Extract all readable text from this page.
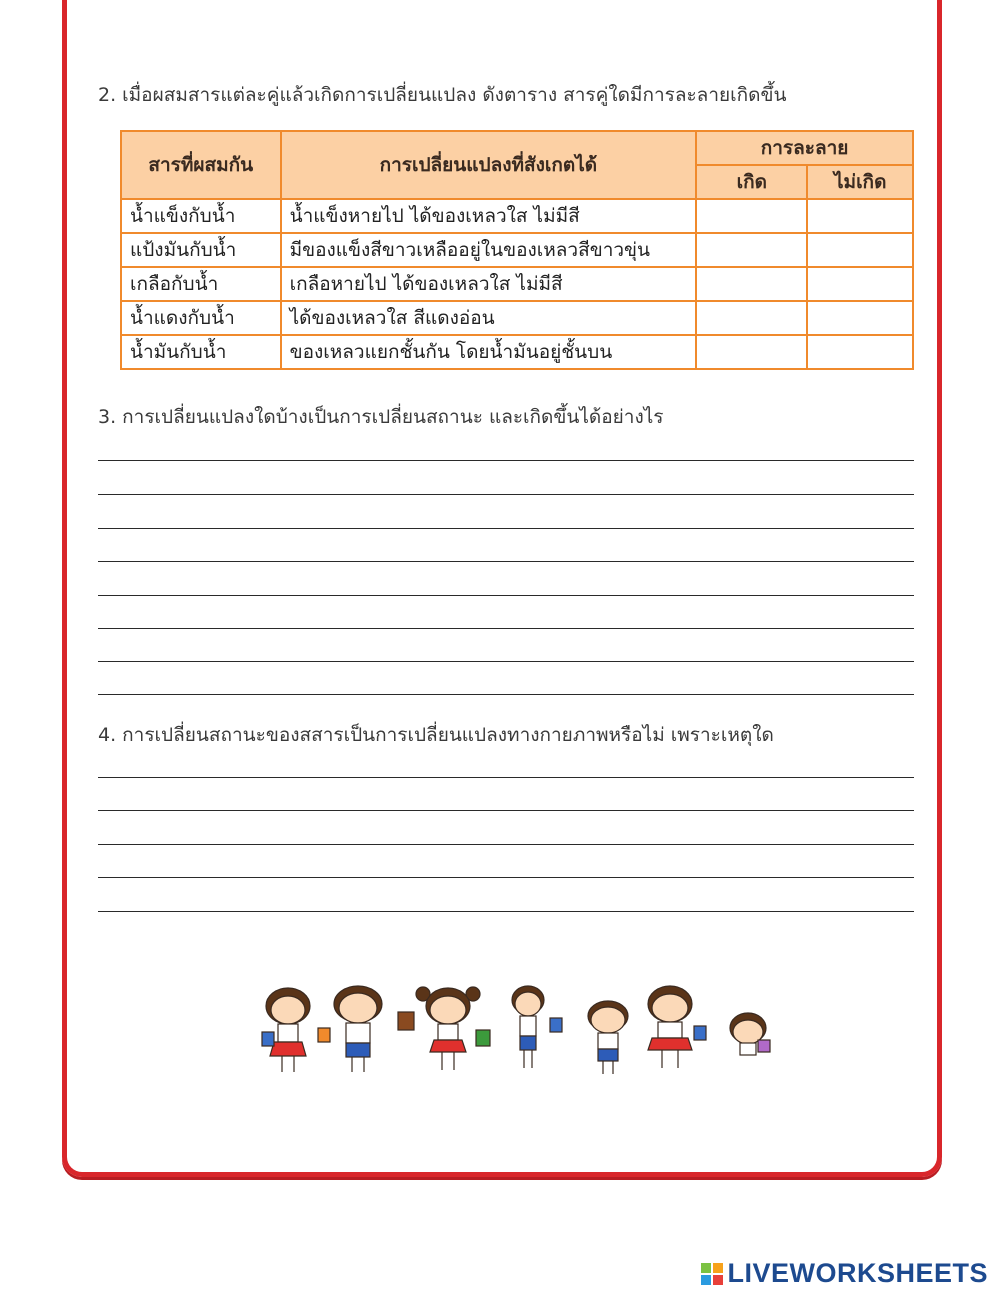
2. เมื่อผสมสารแต่ละคู่แล้วเกิดการเปลี่ยนแปลง ดังตาราง สารคู่ใดมีการละลายเกิดขึ้น
สารที่ผสมกัน	การเปลี่ยนแปลงที่สังเกตได้	การละลาย	
		เกิด	ไม่เกิด
น้ำแข็งกับน้ำ	น้ำแข็งหายไป ได้ของเหลวใส ไม่มีสี		
แป้งมันกับน้ำ	มีของแข็งสีขาวเหลืออยู่ในของเหลวสีขาวขุ่น		
เกลือกับน้ำ	เกลือหายไป ได้ของเหลวใส ไม่มีสี		
น้ำแดงกับน้ำ	ได้ของเหลวใส สีแดงอ่อน		
น้ำมันกับน้ำ	ของเหลวแยกชั้นกัน โดยน้ำมันอยู่ชั้นบน		
3. การเปลี่ยนแปลงใดบ้างเป็นการเปลี่ยนสถานะ และเกิดขึ้นได้อย่างไร
4. การเปลี่ยนสถานะของสสารเป็นการเปลี่ยนแปลงทางกายภาพหรือไม่ เพราะเหตุใด
LIVEWORKSHEETS
